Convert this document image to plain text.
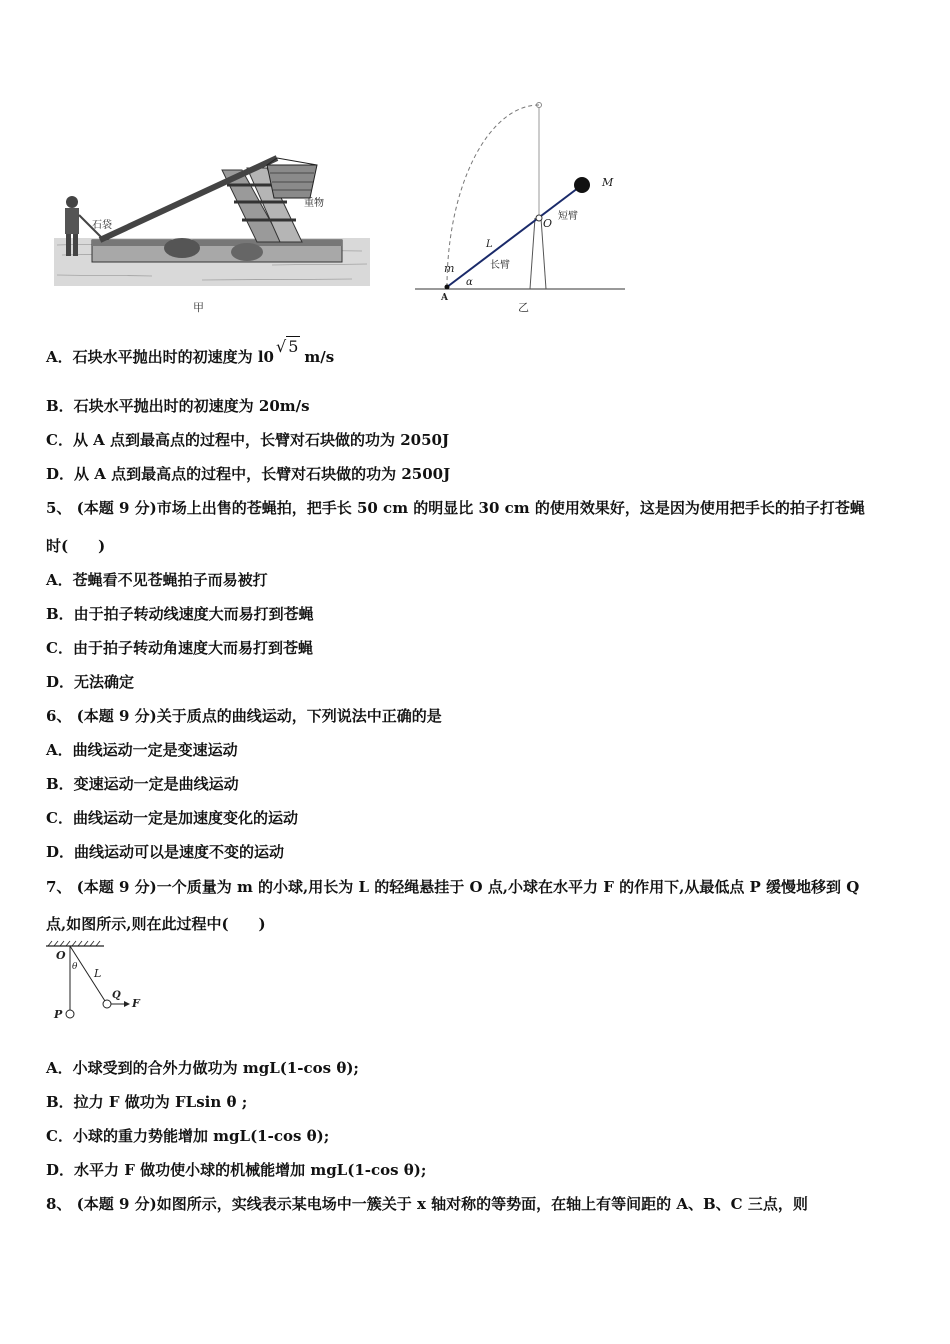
石袋
重物
甲
M
O
短臂
L
长臂
m
α
A
乙
A．石块水平抛出时的初速度为 l0√ 5m/s
B．石块水平抛出时的初速度为 20m/s
C．从 A 点到最高点的过程中，长臂对石块做的功为 2050J
D．从 A 点到最高点的过程中，长臂对石块做的功为 2500J
5、 (本题 9 分)市场上出售的苍蝇拍，把手长 50 cm 的明显比 30 cm 的使用效果好，这是因为使用把手长的拍子打苍蝇
时(　　)
A．苍蝇看不见苍蝇拍子而易被打
B．由于拍子转动线速度大而易打到苍蝇
C．由于拍子转动角速度大而易打到苍蝇
D．无法确定
6、 (本题 9 分)关于质点的曲线运动，下列说法中正确的是
A．曲线运动一定是变速运动
B．变速运动一定是曲线运动
C．曲线运动一定是加速度变化的运动
D．曲线运动可以是速度不变的运动
7、 (本题 9 分)一个质量为 m 的小球,用长为 L 的轻绳悬挂于 O 点,小球在水平力 F 的作用下,从最低点 P 缓慢地移到 Q
点,如图所示,则在此过程中(　　)
O
θ L
Q
F
P
A．小球受到的合外力做功为 mgL(1-cos θ);
B．拉力 F 做功为 FLsin θ ;
C．小球的重力势能增加 mgL(1-cos θ);
D．水平力 F 做功使小球的机械能增加 mgL(1-cos θ);
8、 (本题 9 分)如图所示，实线表示某电场中一簇关于 x 轴对称的等势面，在轴上有等间距的 A、B、C 三点，则
